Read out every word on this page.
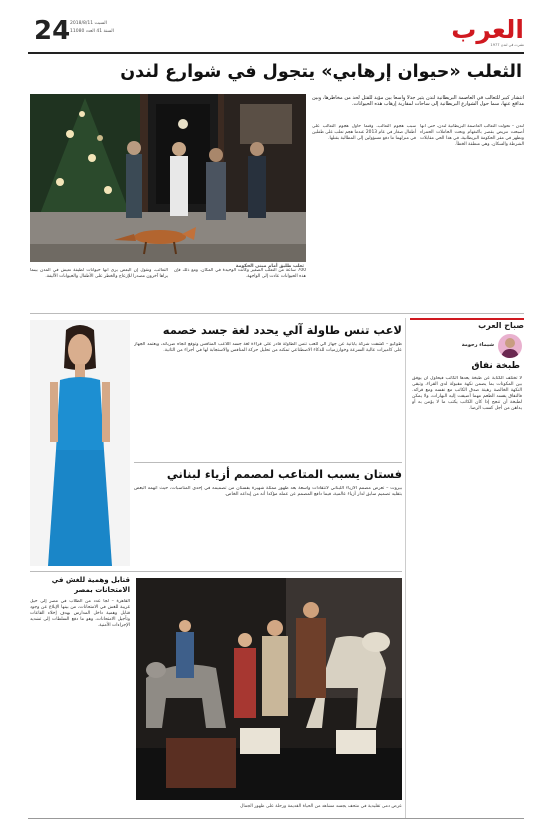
24 السبت 2018/8/11
السنة 41 العدد 11080	العرب
نشرت في لندن 1977
الثعلب «حيوان إرهابي» يتجول في شوارع لندن
انتشار كبير للثعالب في العاصمة البريطانية لندن يثير جدلا واسعا بين مؤيد للقتل لحد من مخاطرها، وبين مدافع عنها، سما حول الشوارع البريطانية إلى ساحات لمقاربة إرهاب هذه الحيوانات.
لندن – تحولت الثعالب العاصمة البريطانية لندن، حتى أنها أصبحت تتريض بقصر باكنغهام وتحت الحاملات الحمراء وتظهر في مقر الحكومة البريطانية، في هذا الحي مقابلات الشرطة والسكان. وهي منطقة الخطأ.
سبب هجوم الثعالب، وقتما حاول هجوم الثعالب على أطفال صغار في عام 2013 عندما هجم ثعلب على طفلين في منزلهما ما دفع مسؤولين إلى المطالبة بقتلها.
700 ساعة من الثعلب الصغير وكانت الوحيدة في المكان. ومع ذلك فإن هذه الحيوانات عادت إلى الواجهة.
الثعالب، وتقول إن البعض يرى أنها حيوانات لطيفة تعيش في المدن بينما يراها آخرون مصدرا للإزعاج والخطر على الأطفال والحيوانات الأليفة.
ثعلب طليق أمام مبنى الحكومة
صباح العرب
شيماء رحومة
طبخة نفاق
لا تختلف الكتابة عن طبخة يعدها الكاتب فيحاول أن يوفق بين المكونات بما يضمن نكهة مقبولة لدى القراء، وتبقى النكهة الخالصة رهينة صدق الكاتب مع نفسه ومع قرائه. فالنفاق يفسد الطعم مهما أضيفت إليه البهارات، ولا يمكن لطبخة أن تنجح إذا كان الكاتب يكتب ما لا يؤمن به أو يداهن من أجل كسب الرضا.
لاعب تنس طاولة آلي يحدد لغة جسد خصمه
طوكيو – كشفت شركة يابانية عن جهاز آلي للعب تنس الطاولة قادر على قراءة لغة جسد اللاعب المنافس وتوقع اتجاه ضرباته، ويعتمد الجهاز على كاميرات عالية السرعة وخوارزميات للذكاء الاصطناعي تمكنه من تحليل حركة المنافس والاستجابة لها في أجزاء من الثانية.
فستان يسبب المتاعب لمصمم أزياء لبناني
بيروت – تعرض مصمم الأزياء اللبناني لانتقادات واسعة بعد ظهور ممثلة شهيرة بفستان من تصميمه في إحدى المناسبات، حيث اتهمه البعض بتقليد تصميم سابق لدار أزياء عالمية، فيما دافع المصمم عن عمله مؤكدا أنه من إبداعه الخاص.
قنابل وهمية للغش في الامتحانات بمصر
القاهرة – لجأ عدد من الطلاب في مصر إلى حيل غريبة للغش في الامتحانات، من بينها الإبلاغ عن وجود قنابل وهمية داخل المدارس بهدف إخلاء القاعات وتأجيل الامتحانات، وهو ما دفع السلطات إلى تشديد الإجراءات الأمنية.
عرض دمى تقليدية في متحف يجسد مشاهد من الحياة القديمة ورحلة على ظهور الجمال
